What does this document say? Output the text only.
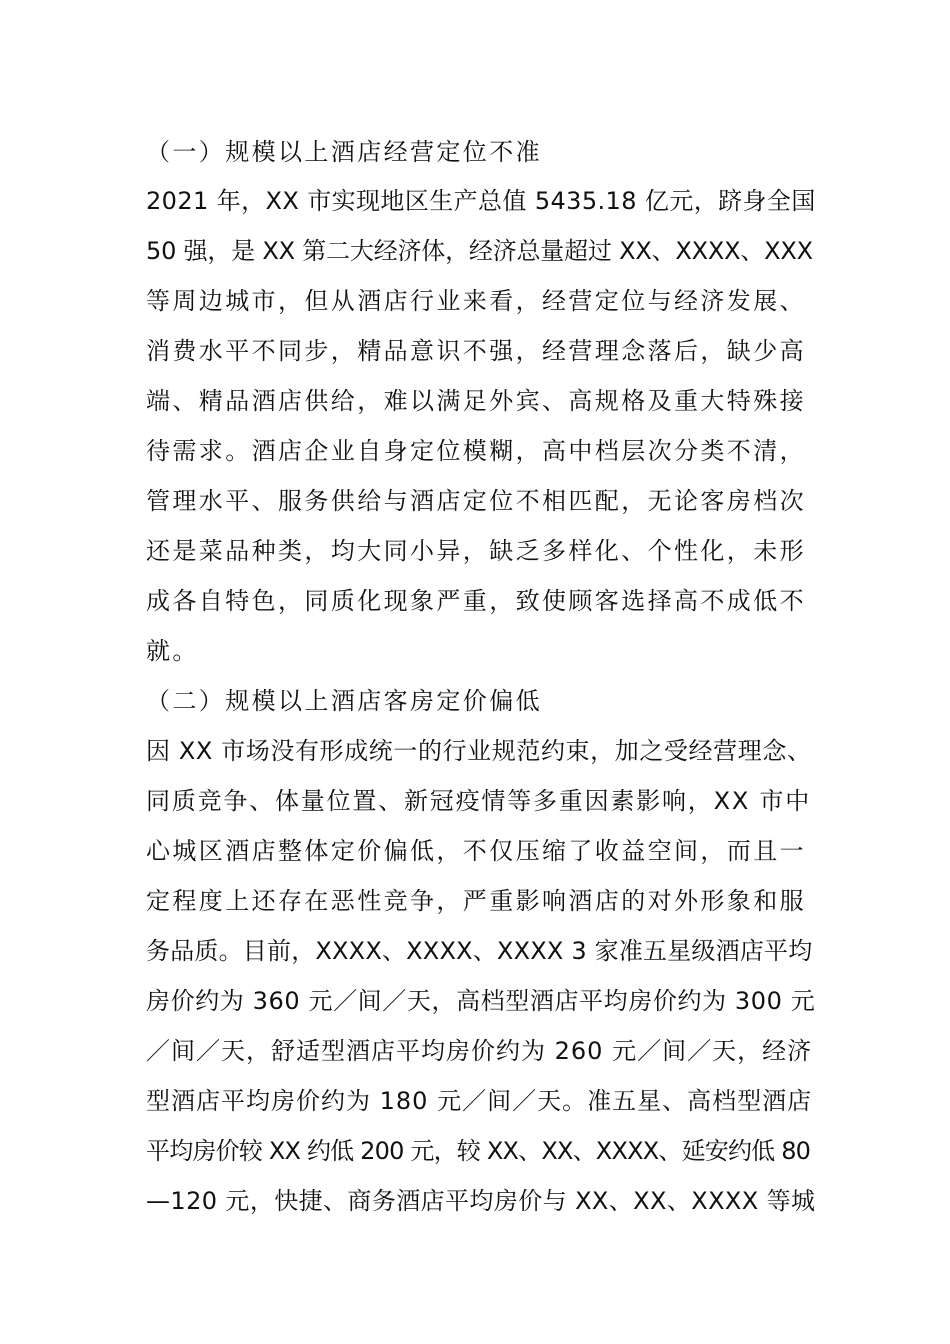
（一）规模以上酒店经营定位不准
2021 年，XX 市实现地区生产总值 5435.18 亿元，跻身全国
50 强，是 XX 第二大经济体，经济总量超过 XX、XXXX、XXX
等周边城市，但从酒店行业来看，经营定位与经济发展、
消费水平不同步，精品意识不强，经营理念落后，缺少高
端、精品酒店供给，难以满足外宾、高规格及重大特殊接
待需求。酒店企业自身定位模糊，高中档层次分类不清，
管理水平、服务供给与酒店定位不相匹配，无论客房档次
还是菜品种类，均大同小异，缺乏多样化、个性化，未形
成各自特色，同质化现象严重，致使顾客选择高不成低不
就。
（二）规模以上酒店客房定价偏低
因 XX 市场没有形成统一的行业规范约束，加之受经营理念、
同质竞争、体量位置、新冠疫情等多重因素影响，XX 市中
心城区酒店整体定价偏低，不仅压缩了收益空间，而且一
定程度上还存在恶性竞争，严重影响酒店的对外形象和服
务品质。目前，XXXX、XXXX、XXXX 3 家准五星级酒店平均
房价约为 360 元／间／天，高档型酒店平均房价约为 300 元
／间／天，舒适型酒店平均房价约为 260 元／间／天，经济
型酒店平均房价约为 180 元／间／天。准五星、高档型酒店
平均房价较 XX 约低 200 元，较 XX、XX、XXXX、延安约低 80
—120 元，快捷、商务酒店平均房价与 XX、XX、XXXX 等城
